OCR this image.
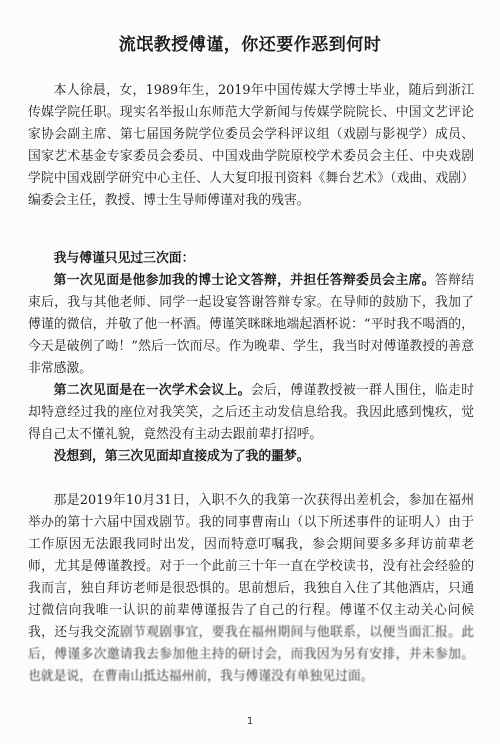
流氓教授傅谨，你还要作恶到何时

本人徐晨，女，1989年生，2019年中国传媒大学博士毕业，随后到浙江传媒学院任职。现实名举报山东师范大学新闻与传媒学院院长、中国文艺评论家协会副主席、第七届国务院学位委员会学科评议组（戏剧与影视学）成员、国家艺术基金专家委员会委员、中国戏曲学院原校学术委员会主任、中央戏剧学院中国戏剧学研究中心主任、人大复印报刊资料《舞台艺术》（戏曲、戏剧）编委会主任，教授、博士生导师傅谨对我的残害。

我与傅谨只见过三次面：

第一次见面是他参加我的博士论文答辩，并担任答辩委员会主席。答辩结束后，我与其他老师、同学一起设宴答谢答辩专家。在导师的鼓励下，我加了傅谨的微信，并敬了他一杯酒。傅谨笑眯眯地端起酒杯说：“平时我不喝酒的，今天是破例了呦！”然后一饮而尽。作为晚辈、学生，我当时对傅谨教授的善意非常感激。

第二次见面是在一次学术会议上。会后，傅谨教授被一群人围住，临走时却特意经过我的座位对我笑笑，之后还主动发信息给我。我因此感到愧疚，觉得自己太不懂礼貌，竟然没有主动去跟前辈打招呼。

没想到，第三次见面却直接成为了我的噩梦。

那是2019年10月31日，入职不久的我第一次获得出差机会，参加在福州举办的第十六届中国戏剧节。我的同事曹南山（以下所述事件的证明人）由于工作原因无法跟我同时出发，因而特意叮嘱我，参会期间要多多拜访前辈老师，尤其是傅谨教授。对于一个此前三十年一直在学校读书，没有社会经验的我而言，独自拜访老师是很恐惧的。思前想后，我独自入住了其他酒店，只通过微信向我唯一认识的前辈傅谨报告了自己的行程。傅谨不仅主动关心问候我，还与我交流剧节观剧事宜，要我在福州期间与他联系，以便当面汇报。此后，傅谨多次邀请我去参加他主持的研讨会，而我因为另有安排，并未参加。也就是说，在曹南山抵达福州前，我与傅谨没有单独见过面。

1
